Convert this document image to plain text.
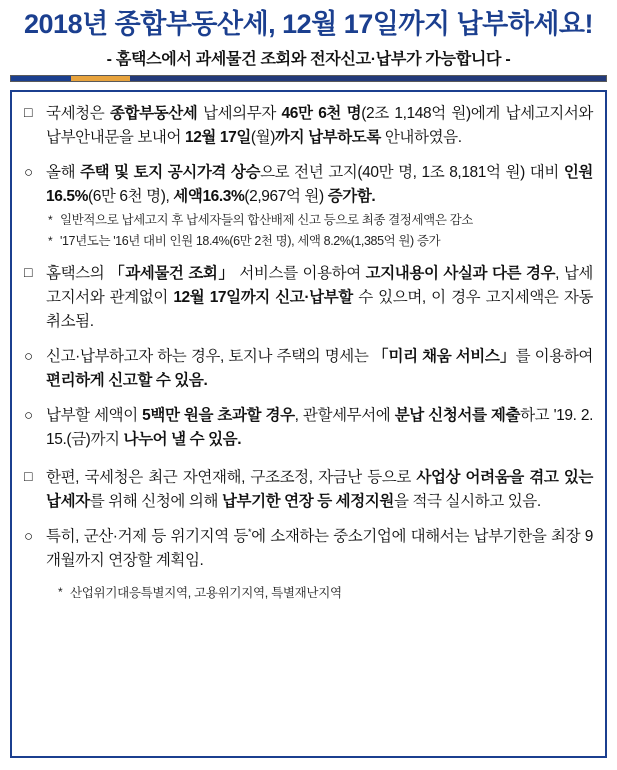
2018년 종합부동산세, 12월 17일까지 납부하세요!
- 홈택스에서 과세물건 조회와 전자신고·납부가 가능합니다 -
□ 국세청은 종합부동산세 납세의무자 46만 6천 명(2조 1,148억 원)에게 납세고지서와 납부안내문을 보내어 12월 17일(월)까지 납부하도록 안내하였음.
○ 올해 주택 및 토지 공시가격 상승으로 전년 고지(40만 명, 1조 8,181억 원) 대비 인원16.5%(6만 6천 명), 세액16.3%(2,967억 원) 증가함.
* 일반적으로 납세고지 후 납세자들의 합산배제 신고 등으로 최종 결정세액은 감소
* '17년도는 '16년 대비 인원 18.4%(6만 2천 명), 세액 8.2%(1,385억 원) 증가
□ 홈택스의 「과세물건 조회」 서비스를 이용하여 고지내용이 사실과 다른 경우, 납세고지서와 관계없이 12월 17일까지 신고·납부할 수 있으며, 이 경우 고지세액은 자동 취소됨.
○ 신고·납부하고자 하는 경우, 토지나 주택의 명세는 「미리 채움 서비스」를 이용하여 편리하게 신고할 수 있음.
○ 납부할 세액이 5백만 원을 초과할 경우, 관할세무서에 분납 신청서를 제출하고 '19. 2. 15.(금)까지 나누어 낼 수 있음.
□ 한편, 국세청은 최근 자연재해, 구조조정, 자금난 등으로 사업상 어려움을 겪고 있는 납세자를 위해 신청에 의해 납부기한 연장 등 세정지원을 적극 실시하고 있음.
○ 특히, 군산·거제 등 위기지역 등*에 소재하는 중소기업에 대해서는 납부기한을 최장 9개월까지 연장할 계획임.
* 산업위기대응특별지역, 고용위기지역, 특별재난지역
